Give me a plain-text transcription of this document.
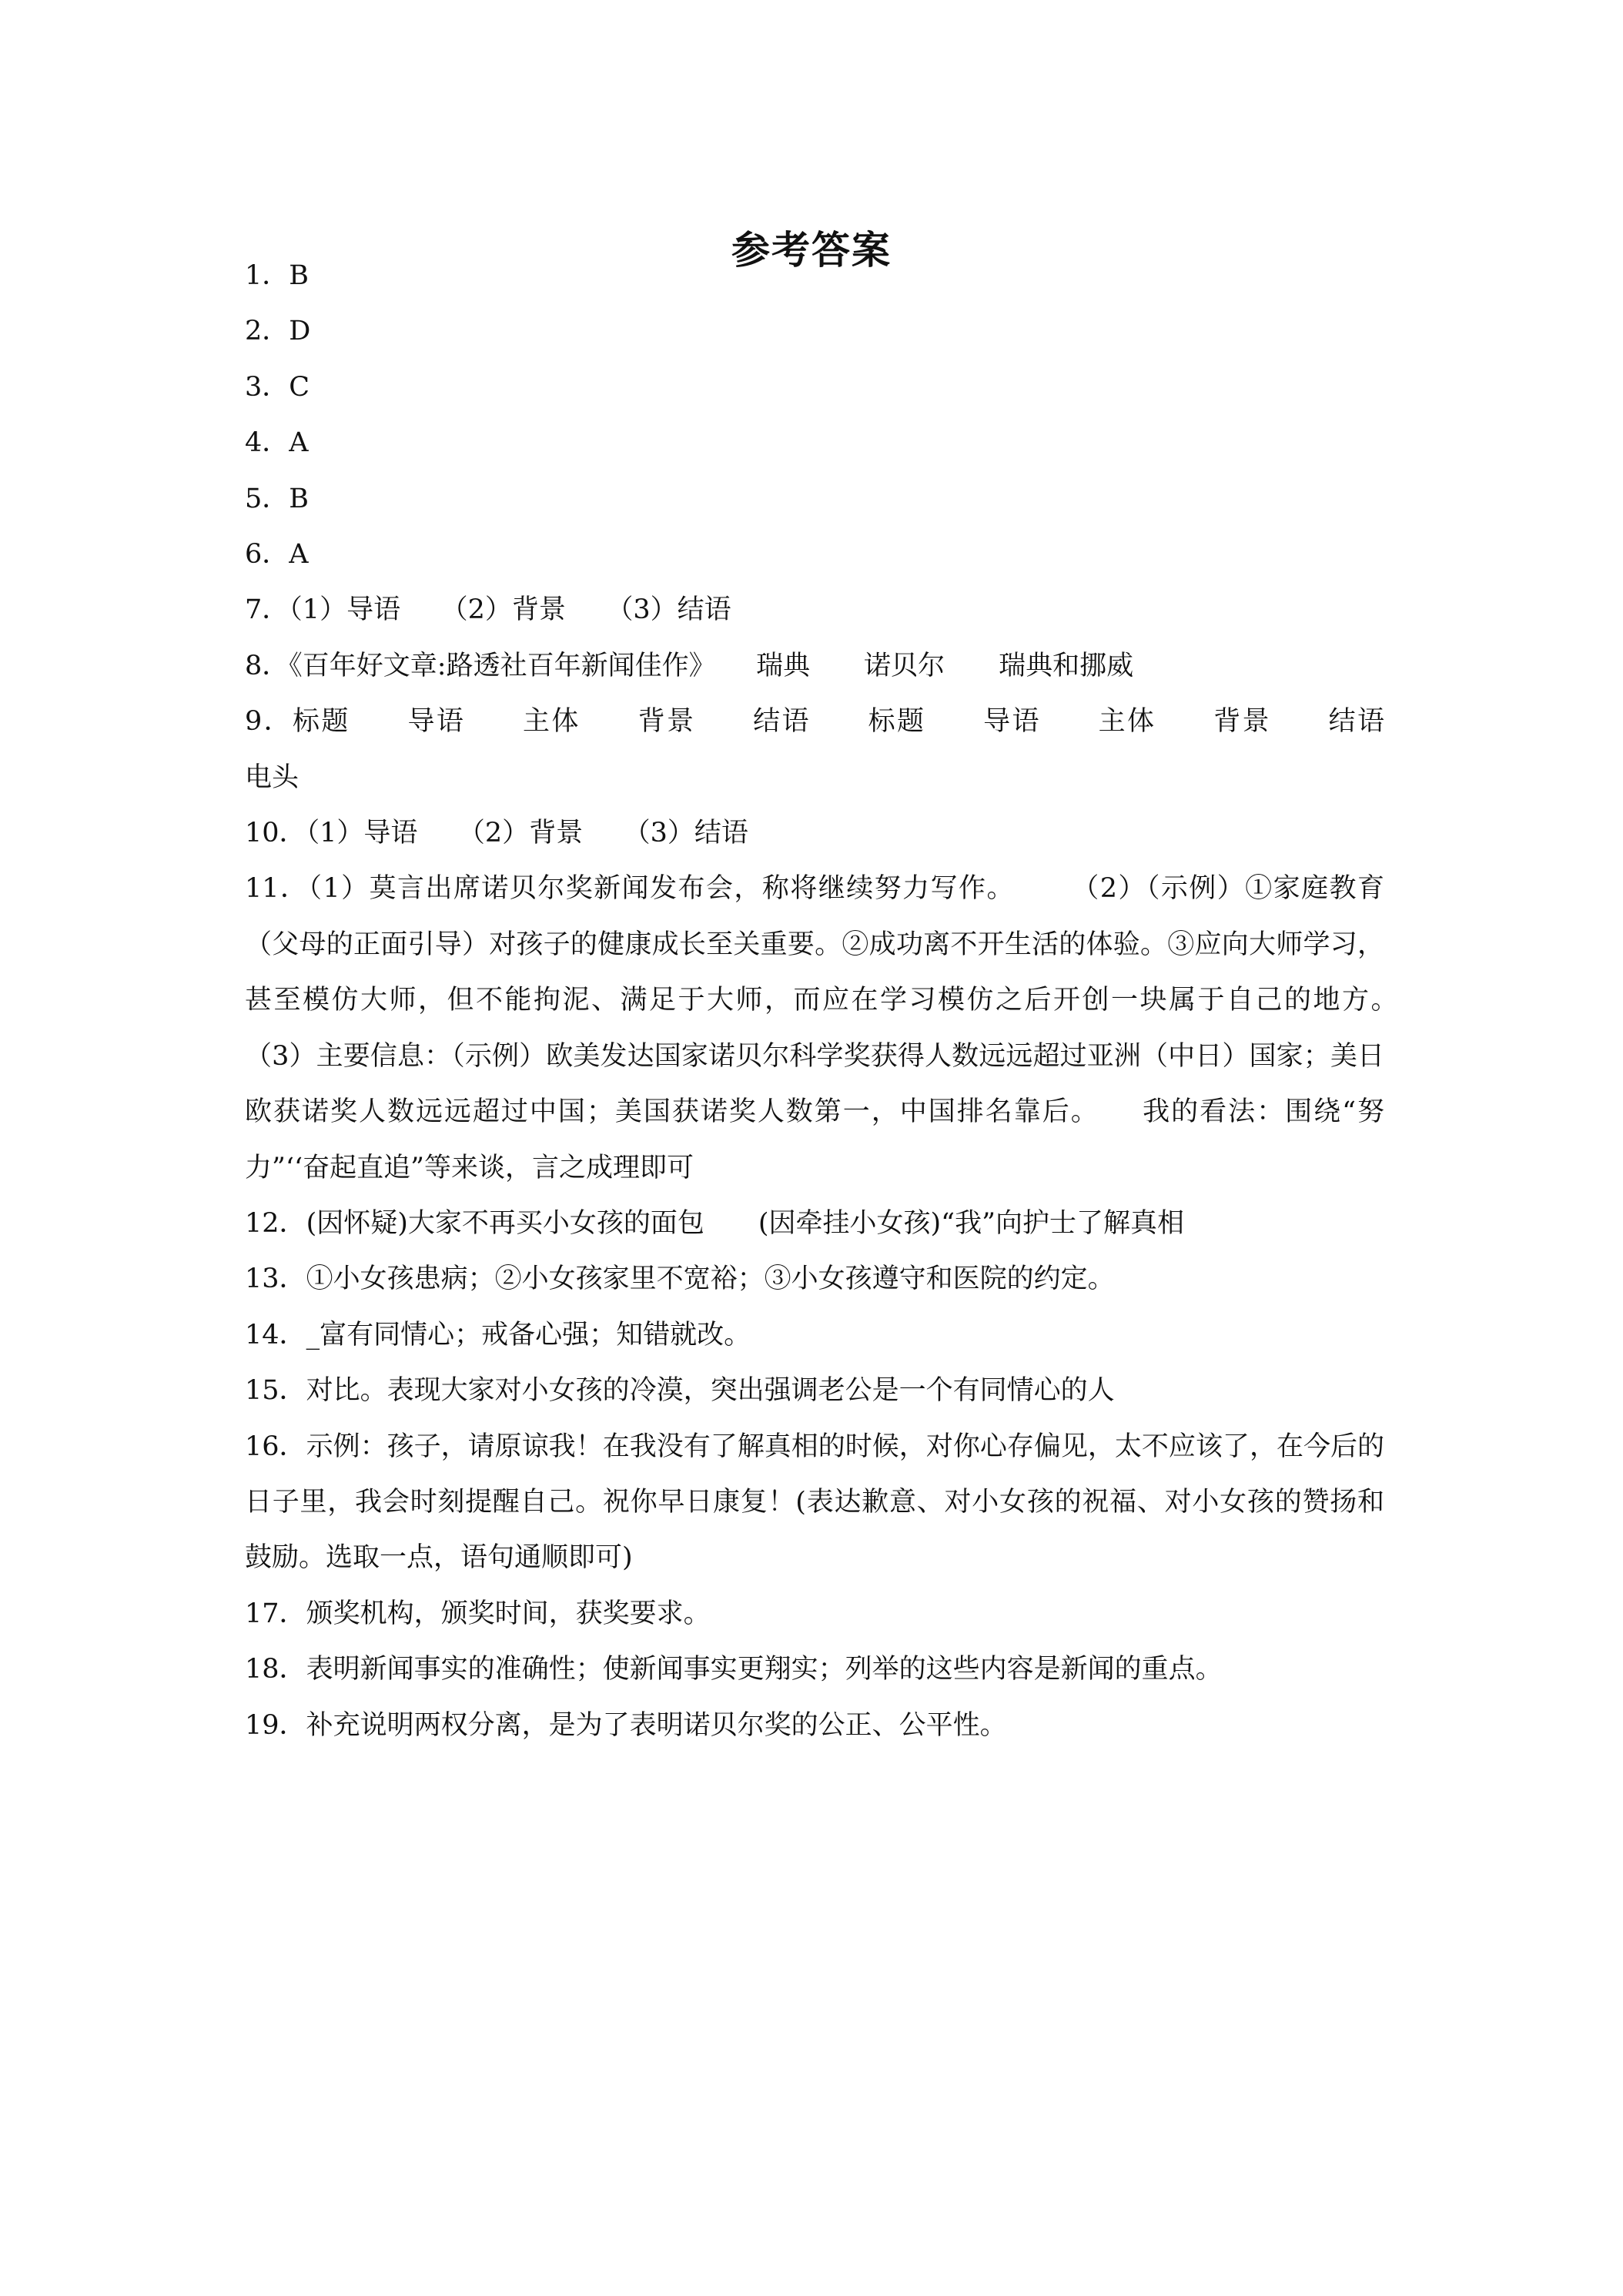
参考答案

1．B

2．D

3．C

4．A

5．B

6．A

7．（1）导语　　（2）背景　　（3）结语

8．《百年好文章:路透社百年新闻佳作》　　瑞典　　诺贝尔　　瑞典和挪威

9．标题　　导语　　主体　　背景　　结语　　标题　　导语　　主体　　背景　　结语　　电头

10．（1）导语　　（2）背景　　（3）结语

11．（1）莫言出席诺贝尔奖新闻发布会，称将继续努力写作。　　　（2）（示例）①家庭教育（父母的正面引导）对孩子的健康成长至关重要。②成功离不开生活的体验。③应向大师学习，甚至模仿大师，但不能拘泥、满足于大师，而应在学习模仿之后开创一块属于自己的地方。　　（3）主要信息：（示例）欧美发达国家诺贝尔科学奖获得人数远远超过亚洲（中日）国家；美日欧获诺奖人数远远超过中国；美国获诺奖人数第一，中国排名靠后。　　我的看法：围绕“努力”‘‘奋起直追”等来谈，言之成理即可

12．(因怀疑)大家不再买小女孩的面包　　(因牵挂小女孩)“我”向护士了解真相

13．①小女孩患病；②小女孩家里不宽裕；③小女孩遵守和医院的约定。

14．_富有同情心；戒备心强；知错就改。

15．对比。表现大家对小女孩的冷漠，突出强调老公是一个有同情心的人

16．示例：孩子，请原谅我！在我没有了解真相的时候，对你心存偏见，太不应该了，在今后的日子里，我会时刻提醒自己。祝你早日康复！(表达歉意、对小女孩的祝福、对小女孩的赞扬和鼓励。选取一点，语句通顺即可)

17．颁奖机构，颁奖时间，获奖要求。

18．表明新闻事实的准确性；使新闻事实更翔实；列举的这些内容是新闻的重点。

19．补充说明两权分离，是为了表明诺贝尔奖的公正、公平性。
